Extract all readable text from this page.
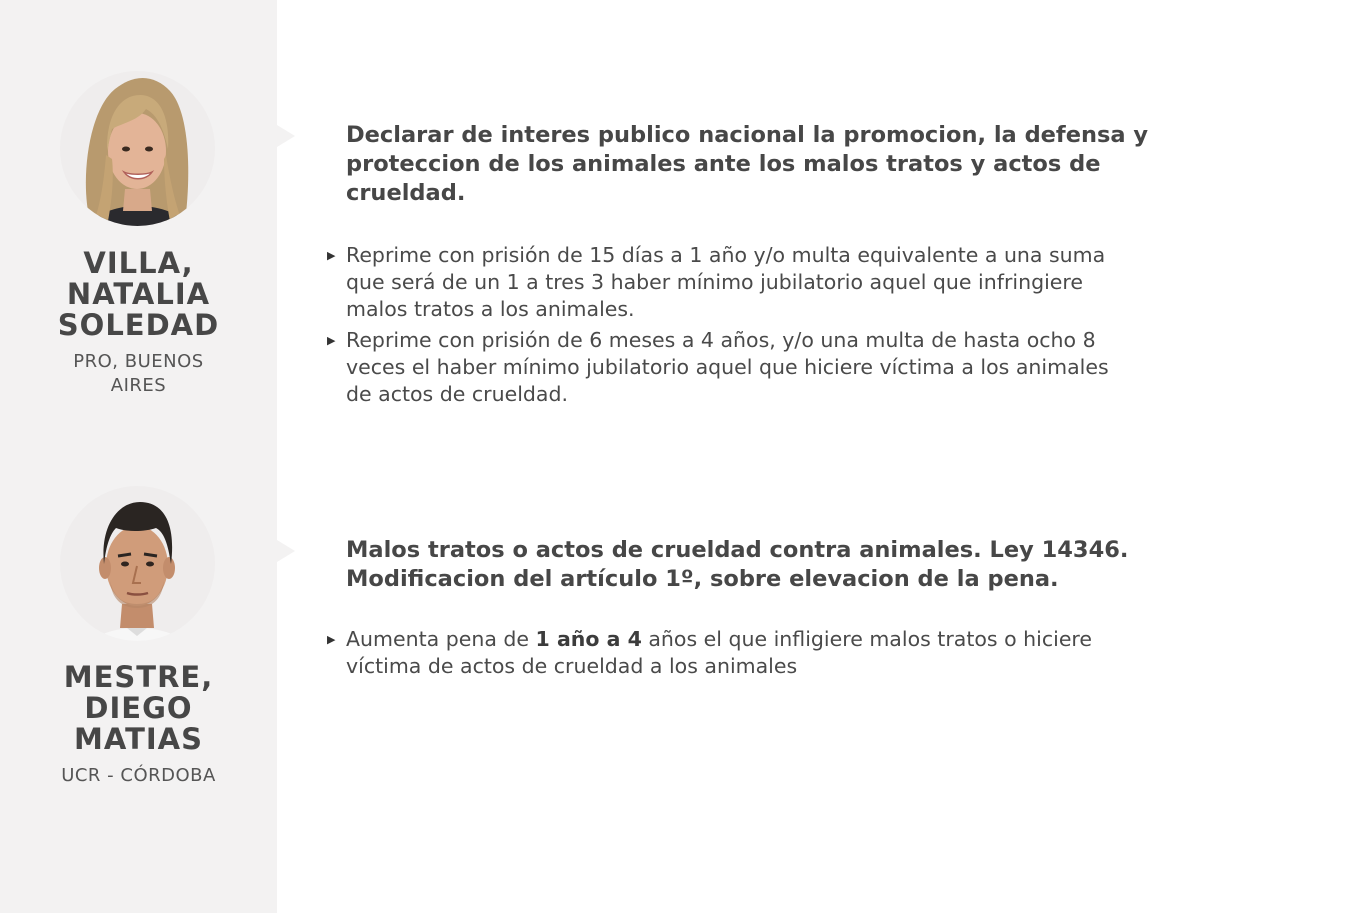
VILLA,
NATALIA
SOLEDAD
PRO, BUENOS
AIRES
Declarar de interes publico nacional la promocion, la defensa y
proteccion de los animales ante los malos tratos y actos de
crueldad.
▶ Reprime con prisión de 15 días a 1 año y/o multa equivalente a una suma
que será de un 1 a tres 3 haber mínimo jubilatorio aquel que infringiere
malos tratos a los animales.
▶ Reprime con prisión de 6 meses a 4 años, y/o una multa de hasta ocho 8
veces el haber mínimo jubilatorio aquel que hiciere víctima a los animales
de actos de crueldad.
MESTRE,
DIEGO
MATIAS
UCR - CÓRDOBA
Malos tratos o actos de crueldad contra animales. Ley 14346.
Modificacion del artículo 1º, sobre elevacion de la pena.
▶ Aumenta pena de 1 año a 4 años el que infligiere malos tratos o hiciere
víctima de actos de crueldad a los animales
